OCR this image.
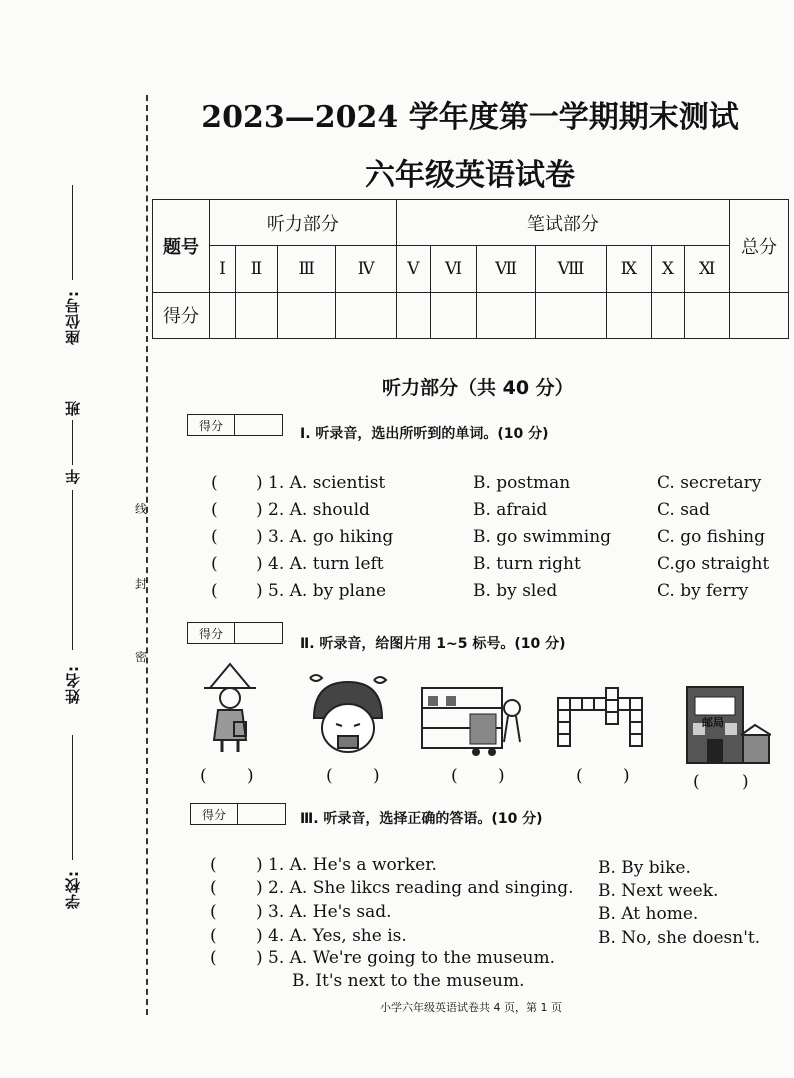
座位号:
班
年
姓名:
学校:
线
封
密
2023—2024 学年度第一学期期末测试
六年级英语试卷
题号	听力部分				笔试部分							总分
	Ⅰ	Ⅱ	Ⅲ	Ⅳ	Ⅴ	Ⅵ	Ⅶ	Ⅷ	Ⅸ	Ⅹ	Ⅺ	
得分												
听力部分（共 40 分）
得分
Ⅰ. 听录音，选出所听到的单词。(10 分)
( ) 1. A. scientist	B. postman	C. secretary
( ) 2. A. should	B. afraid	C. sad
( ) 3. A. go hiking	B. go swimming	C. go fishing
( ) 4. A. turn left	B. turn right	C.go straight
( ) 5. A. by plane	B. by sled	C. by ferry
得分
Ⅱ. 听录音，给图片用 1~5 标号。(10 分)
邮局
( )	( )	( )	( )	( )
得分	Ⅲ. 听录音，选择正确的答语。(10 分)
( ) 1. A. He's a worker.	B. By bike.
( ) 2. A. She likcs reading and singing. B. Next week.
( ) 3. A. He's sad.	B. At home.
( ) 4. A. Yes, she is.	B. No, she doesn't.
( ) 5. A. We're going to the museum.
B. It's next to the museum.
小学六年级英语试卷共 4 页，第 1 页
